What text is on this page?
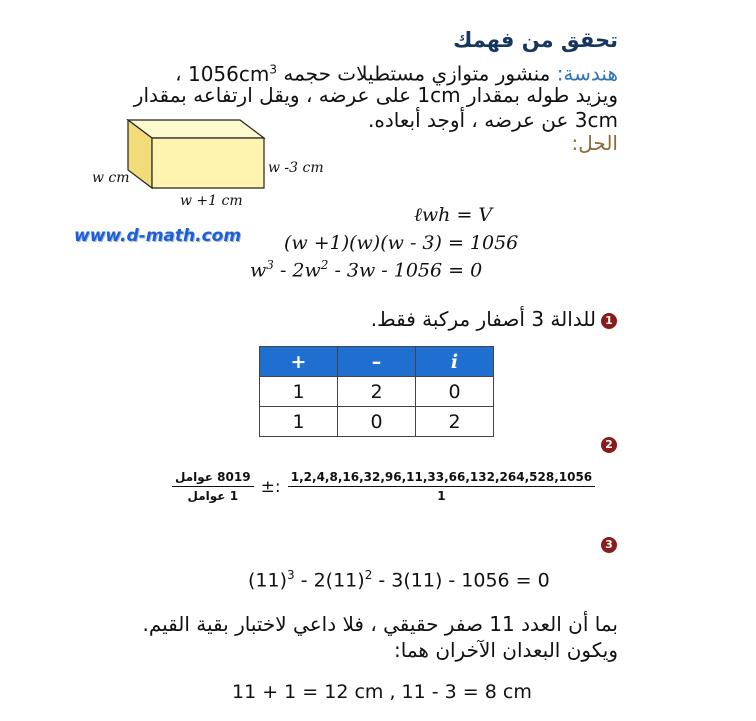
تحقق من فهمك
هندسة: منشور متوازي مستطيلات حجمه $1056cm^3$ ،
ويزيد طوله بمقدار 1cm على عرضه ، ويقل ارتفاعه بمقدار
3cm عن عرضه ، أوجد أبعاده.
الحل:
w cm
w -3 cm
w +1 cm
www.d-math.com
ℓwh = V
(w +1)(w)(w - 3) = 1056
$w^3 - 2w^2 - 3w - 1056 = 0$
1
للدالة 3 أصفار مركبة فقط.
+	–	i
1	2	0
1	0	2
2
$\frac{\text{عوامل 8019}}{\text{عوامل 1}}$ ±: $\frac{1,2,4,8,16,32,96,11,33,66,132,264,528,1056}{1}$
3
$(11)^3 - 2(11)^2 - 3(11) - 1056 = 0$
بما أن العدد 11 صفر حقيقي ، فلا داعي لاختبار بقية القيم.
ويكون البعدان الآخران هما:
11 + 1 = 12 cm , 11 - 3 = 8 cm
